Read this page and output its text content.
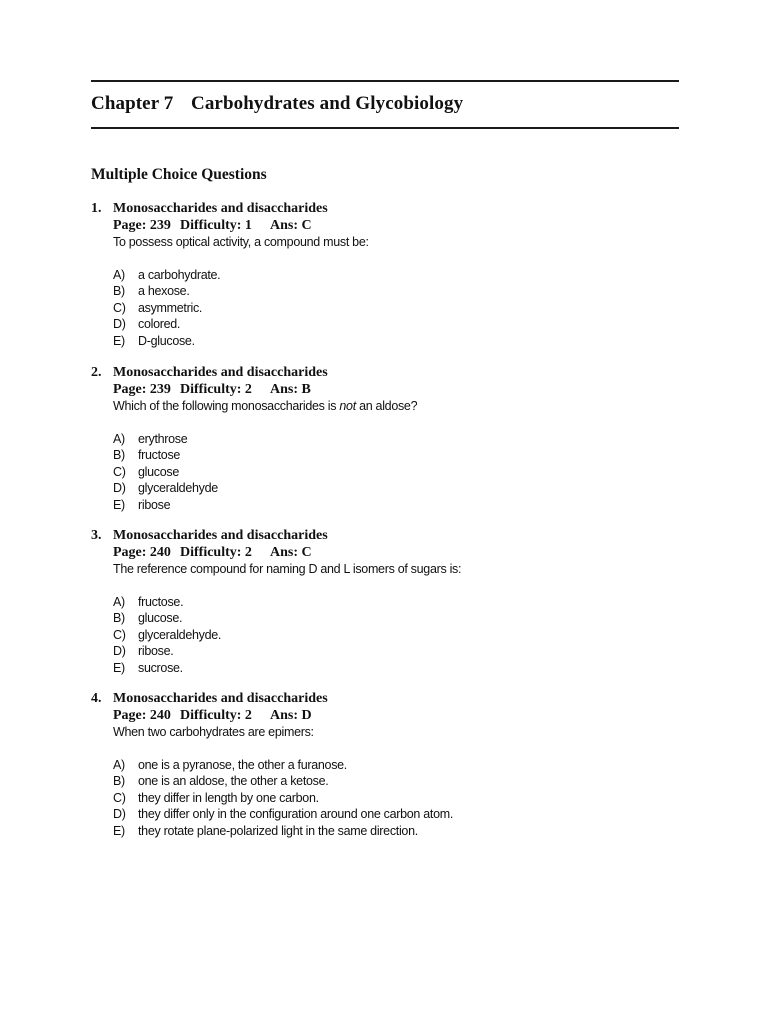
Chapter 7 Carbohydrates and Glycobiology
Multiple Choice Questions
1. Monosaccharides and disaccharides
Page: 239 Difficulty: 1 Ans: C
To possess optical activity, a compound must be:
A) a carbohydrate.
B) a hexose.
C) asymmetric.
D) colored.
E) D-glucose.
2. Monosaccharides and disaccharides
Page: 239 Difficulty: 2 Ans: B
Which of the following monosaccharides is not an aldose?
A) erythrose
B) fructose
C) glucose
D) glyceraldehyde
E) ribose
3. Monosaccharides and disaccharides
Page: 240 Difficulty: 2 Ans: C
The reference compound for naming D and L isomers of sugars is:
A) fructose.
B) glucose.
C) glyceraldehyde.
D) ribose.
E) sucrose.
4. Monosaccharides and disaccharides
Page: 240 Difficulty: 2 Ans: D
When two carbohydrates are epimers:
A) one is a pyranose, the other a furanose.
B) one is an aldose, the other a ketose.
C) they differ in length by one carbon.
D) they differ only in the configuration around one carbon atom.
E) they rotate plane-polarized light in the same direction.
